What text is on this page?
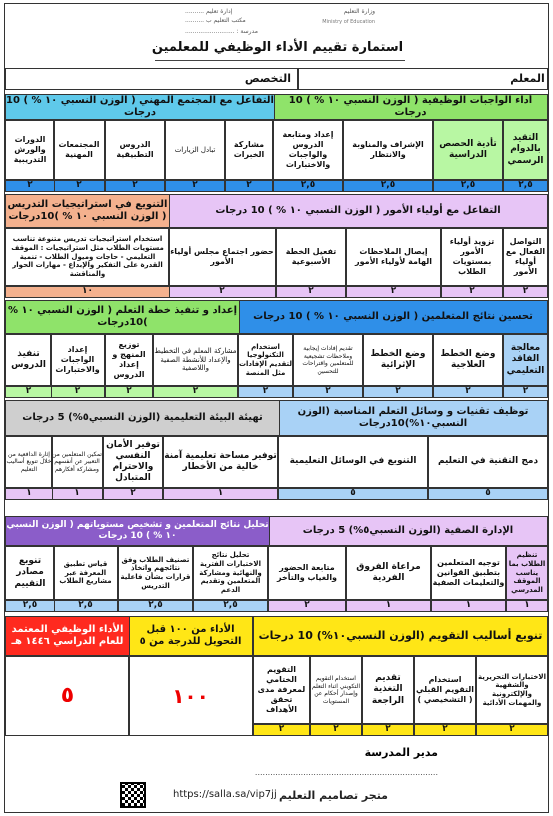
وزارة التعليم
إدارة تعليم ..........
مكتب التعليم ب ..........
مدرسة : ..........................
Ministry of Education
استمارة تقييم الأداء الوظيفي للمعلمين
المعلم
التخصص
أداء الواجبات الوظيفية ( الوزن النسبي ١٠ % ) 10 درجات
التفاعل مع المجتمع المهني ( الوزن النسبي ١٠ % ) 10 درجات
التقيد بالدوام الرسمي
تأدية الحصص الدراسية
الإشراف والمناوبة والانتظار
إعداد ومتابعة الدروس والواجبات والاختبارات
مشاركة الخبرات
تبادل الزيارات
الدروس التطبيقية
المجتمعات المهنية
الدورات والورش التدريبية
٢,٥
٢,٥
٢,٥
٢,٥
٢
٢
٢
٢
٢
التفاعل مع أولياء الأمور ( الوزن النسبي ١٠ % ) 10 درجات
التنويع في استراتيجيات التدريس ( الوزن النسبي ١٠ % )10درجات
التواصل الفعال مع أولياء الأمور
تزويد أولياء الأمور بمستويات الطلاب
إيصال الملاحظات الهامة لأولياء الأمور
تفعيل الخطة الأسبوعية
حضور اجتماع مجلس أولياء الأمور
استخدام استراتيجيات تدريس متنوعة تناسب مستويات الطلاب مثل استراتيجيات : الموقف التعليمي - حاجات وميول الطلاب - تنمية القدرة على التفكير والإبداع - مهارات الحوار والمناقشة
٢
٢
٢
٢
٢
١٠
تحسين نتائج المتعلمين ( الوزن النسبي ١٠ % ) 10 درجات
إعداد و تنفيذ خطة التعلم ( الوزن النسبي ١٠ % )10درجات
معالجة الفاقد التعليمي
وضع الخطط العلاجية
وضع الخطط الإثرائية
تقديم إفادات إيجابية وملاحظات تشجيعية للمتعلمين واقتراحات للتحسين
استخدام التكنولوجيا لتقديم الإفادات مثل المنصة
مشاركة المعلم في التخطيط والإعداد للأنشطة الصفية واللاصفية
توزيع المنهج و إعداد الدروس
إعداد الواجبات والاختبارات
تنفيذ الدروس
٢
٢
٢
٢
٢
٢
٢
٢
٢
توظيف تقنيات و وسائل التعلم المناسبة (الوزن النسبي١٠%)10درجات
تهيئة البيئة التعليمية (الوزن النسبي٥%) 5 درجات
دمج التقنية في التعليم
التنويع في الوسائل التعليمية
توفير مساحة تعليمية آمنة خالية من الأخطار
توفير الأمان النفسي والاحترام المتبادل
تمكين المتعلمين من التعبير عن أنفسهم ومشاركة أفكارهم
إثارة الدافعية من خلال تنويع أساليب التعليم
٥
٥
١
٢
١
١
الإدارة الصفية (الوزن النسبي٥%) 5 درجات
تحليل نتائج المتعلمين و تشخيص مستوياتهم ( الوزن النسبي ١٠ % ) 10 درجات
تنظيم الطلاب بما يناسب الموقف المدرسي
توجيه المتعلمين بتطبيق القوانين والتعليمات الصفية
مراعاة الفروق الفردية
متابعة الحضور والغياب والتأخر
تحليل نتائج الاختبارات الفترية والنهائية ومشاركة المتعلمين وتقديم الدعم
تصنيف الطلاب وفق نتائجهم واتخاذ قرارات بشأن فاعلية التدريس
قياس تطبيق المعرفة عبر مشاريع الطلاب
تنويع مصادر التقييم
١
١
١
٢
٢,٥
٢,٥
٢,٥
٢,٥
تنويع أساليب التقويم (الوزن النسبي١٠%) 10 درجات
الأداء من ١٠٠ قبل التحويل للدرجة من ٥
الأداء الوظيفي المعتمد للعام الدراسي ١٤٤٦ هـ
الاختبارات التحريرية والشفهية والإلكترونية والمهمات الأدائية
استخدام التقويم القبلي ( التشخيصي )
تقديم التغذية الراجعة
استخدام التقويم التكويني اثناء التعلم وإصدار أحكام عن المستويات
التقويم الختامي لمعرفة مدى تحقق الأهداف
١٠٠
٥
٢
٢
٢
٢
٢
مدير المدرسة
........................................................................
متجر تصاميم التعليم
https://salla.sa/vip7jj
